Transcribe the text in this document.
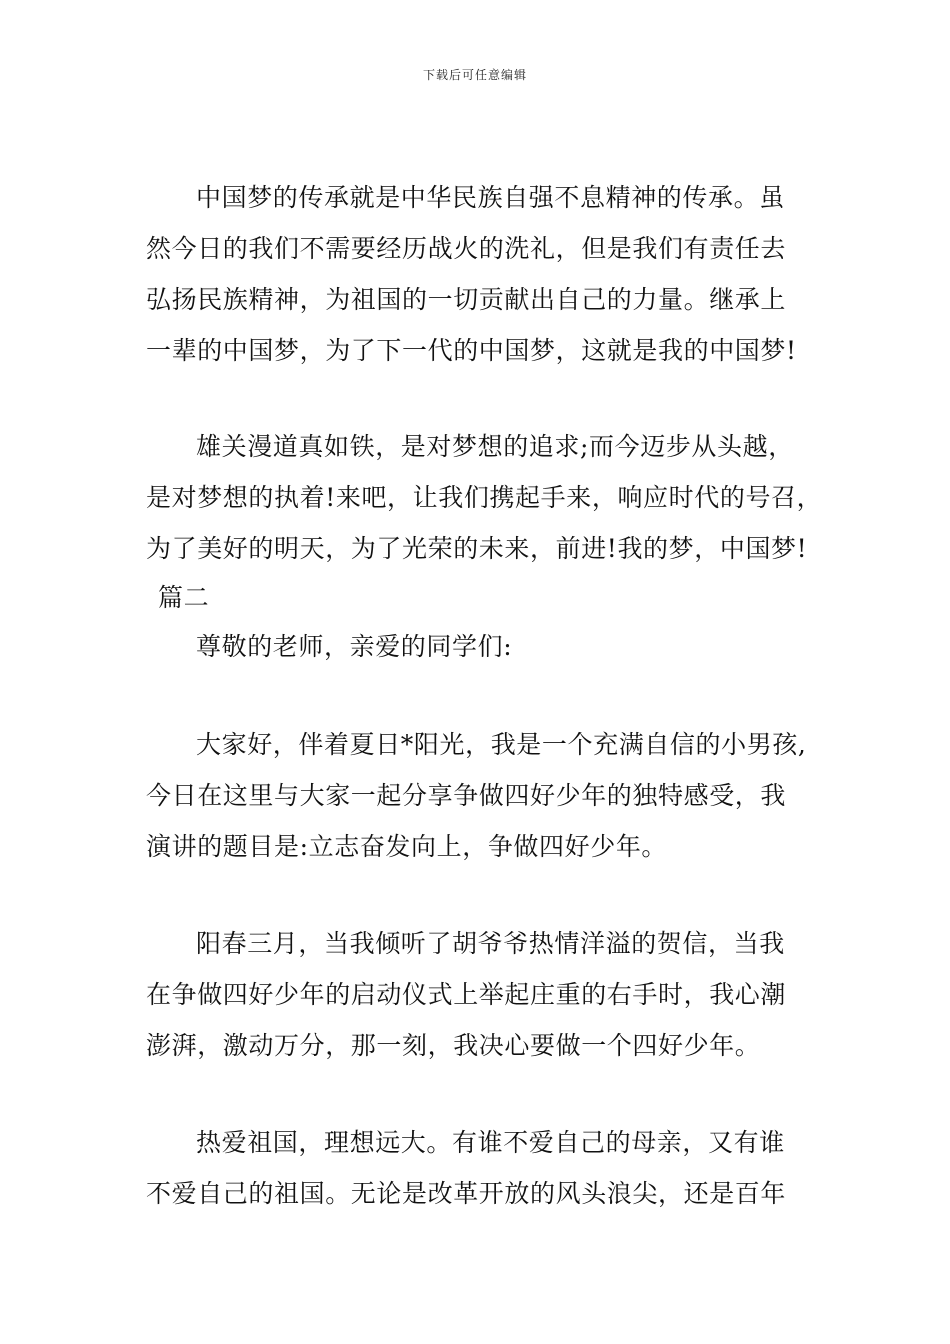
下载后可任意编辑
中国梦的传承就是中华民族自强不息精神的传承。虽
然今日的我们不需要经历战火的洗礼，但是我们有责任去
弘扬民族精神，为祖国的一切贡献出自己的力量。继承上
一辈的中国梦，为了下一代的中国梦，这就是我的中国梦!
雄关漫道真如铁，是对梦想的追求;而今迈步从头越，
是对梦想的执着!来吧，让我们携起手来，响应时代的号召，
为了美好的明天，为了光荣的未来，前进!我的梦，中国梦!
篇二
尊敬的老师，亲爱的同学们:
大家好，伴着夏日*阳光，我是一个充满自信的小男孩,
今日在这里与大家一起分享争做四好少年的独特感受，我
演讲的题目是:立志奋发向上，争做四好少年。
阳春三月，当我倾听了胡爷爷热情洋溢的贺信，当我
在争做四好少年的启动仪式上举起庄重的右手时，我心潮
澎湃，激动万分，那一刻，我决心要做一个四好少年。
热爱祖国，理想远大。有谁不爱自己的母亲，又有谁
不爱自己的祖国。无论是改革开放的风头浪尖，还是百年
